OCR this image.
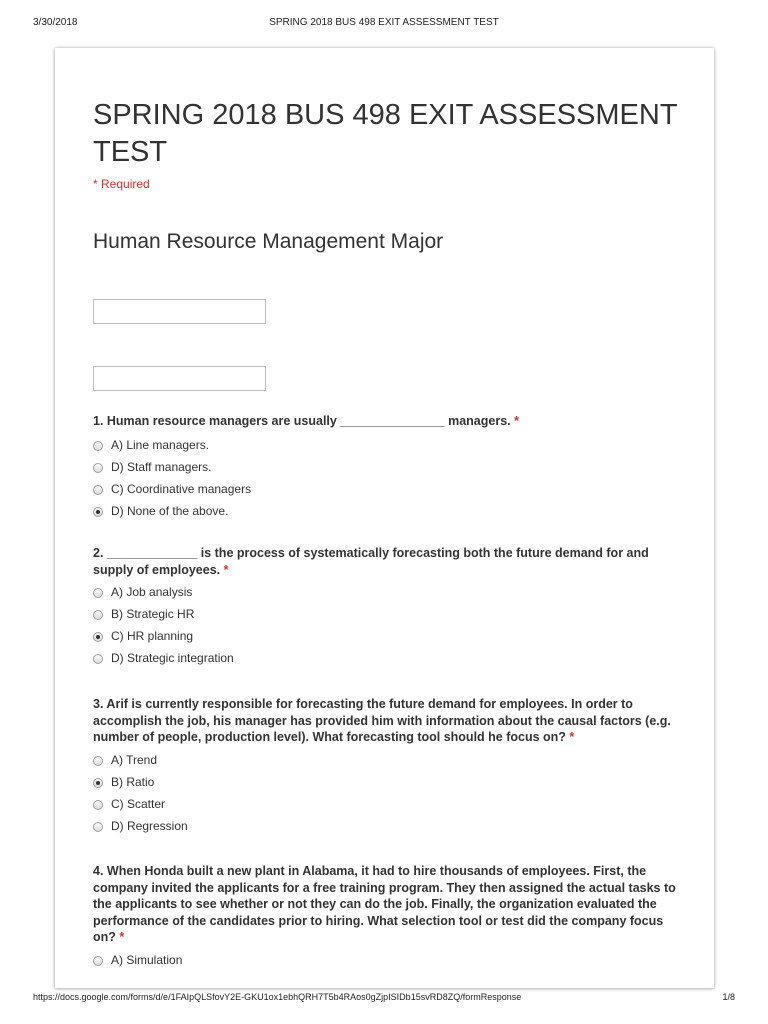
3/30/2018	SPRING 2018 BUS 498 EXIT ASSESSMENT TEST
SPRING 2018 BUS 498 EXIT ASSESSMENT TEST
* Required
Human Resource Management Major

1. Human resource managers are usually _______________ managers. *

A) Line managers.
D) Staff managers.
C) Coordinative managers
D) None of the above.

2. _____________ is the process of systematically forecasting both the future demand for and supply of employees. *

A) Job analysis
B) Strategic HR
C) HR planning
D) Strategic integration

3. Arif is currently responsible for forecasting the future demand for employees. In order to accomplish the job, his manager has provided him with information about the causal factors (e.g. number of people, production level). What forecasting tool should he focus on? *

A) Trend
B) Ratio
C) Scatter
D) Regression

4. When Honda built a new plant in Alabama, it had to hire thousands of employees. First, the company invited the applicants for a free training program. They then assigned the actual tasks to the applicants to see whether or not they can do the job. Finally, the organization evaluated the performance of the candidates prior to hiring. What selection tool or test did the company focus on? *

A) Simulation
https://docs.google.com/forms/d/e/1FAIpQLSfovY2E-GKU1ox1ebhQRH7T5b4RAos0gZjpISIDb15svRD8ZQ/formResponse	1/8
